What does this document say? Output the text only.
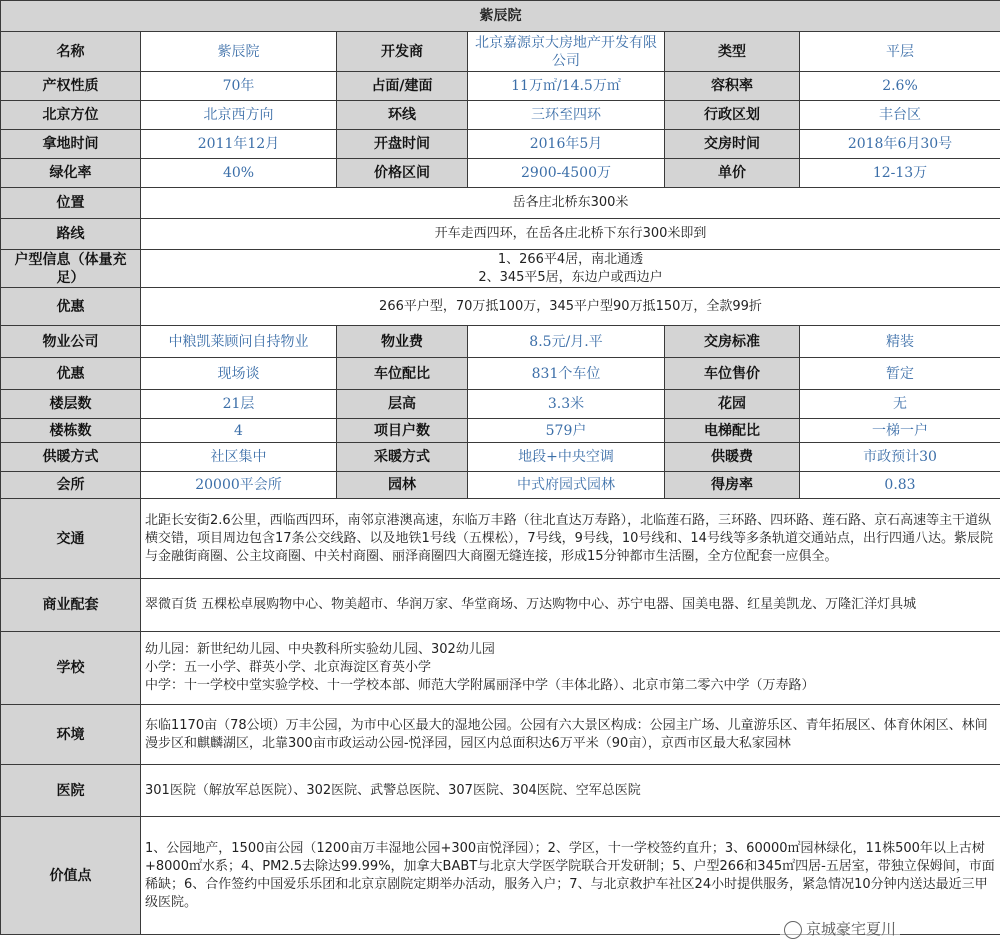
紫辰院					
名称	紫辰院	开发商	北京嘉源京大房地产开发有限公司	类型	平层
产权性质	70年	占面/建面	11万㎡/14.5万㎡	容积率	2.6%
北京方位	北京西方向	环线	三环至四环	行政区划	丰台区
拿地时间	2011年12月	开盘时间	2016年5月	交房时间	2018年6月30号
绿化率	40%	价格区间	2900-4500万	单价	12-13万
位置	岳各庄北桥东300米				
路线	开车走西四环，在岳各庄北桥下东行300米即到				
户型信息（体量充足）	1、266平4居，南北通透
2、345平5居，东边户或西边户				

优惠	266平户型，70万抵100万，345平户型90万抵150万，全款99折				
物业公司	中粮凯莱顾问自持物业	物业费	8.5元/月.平	交房标准	精装
优惠	现场谈	车位配比	831个车位	车位售价	暂定
楼层数	21层	层高	3.3米	花园	无
楼栋数	4	项目户数	579户	电梯配比	一梯一户
供暖方式	社区集中	采暖方式	地段+中央空调	供暖费	市政预计30
会所	20000平会所	园林	中式府园式园林	得房率	0.83
交通	北距长安街2.6公里，西临西四环，南邻京港澳高速，东临万丰路（往北直达万寿路），北临莲石路，三环路、四环路、莲石路、京石高速等主干道纵横交错，项目周边包含17条公交线路、以及地铁1号线（五棵松），7号线，9号线，10号线和、14号线等多条轨道交通站点，出行四通八达。紫辰院与金融街商圈、公主坟商圈、中关村商圈、丽泽商圈四大商圈无缝连接，形成15分钟都市生活圈，全方位配套一应俱全。				
商业配套	翠微百货 五棵松卓展购物中心、物美超市、华润万家、华堂商场、万达购物中心、苏宁电器、国美电器、红星美凯龙、万隆汇洋灯具城				
学校	幼儿园：新世纪幼儿园、中央教科所实验幼儿园、302幼儿园
小学：五一小学、群英小学、北京海淀区育英小学
中学：十一学校中堂实验学校、十一学校本部、师范大学附属丽泽中学（丰体北路）、北京市第二零六中学（万寿路）				

环境	东临1170亩（78公顷）万丰公园，为市中心区最大的湿地公园。公园有六大景区构成：公园主广场、儿童游乐区、青年拓展区、体育休闲区、林间漫步区和麒麟湖区，北靠300亩市政运动公园-悦泽园，园区内总面积达6万平米（90亩），京西市区最大私家园林				
医院	301医院（解放军总医院）、302医院、武警总医院、307医院、304医院、空军总医院				
价值点	1、公园地产，1500亩公园（1200亩万丰湿地公园+300亩悦泽园）；2、学区，十一学校签约直升；3、60000㎡园林绿化，11株500年以上古树+8000㎡水系；4、PM2.5去除达99.99%，加拿大BABT与北京大学医学院联合开发研制；5、户型266和345㎡四居-五居室，带独立保姆间，市面稀缺；6、合作签约中国爱乐乐团和北京京剧院定期举办活动，服务入户；7、与北京救护车社区24小时提供服务，紧急情况10分钟内送达最近三甲级医院。				
京城豪宅夏川
